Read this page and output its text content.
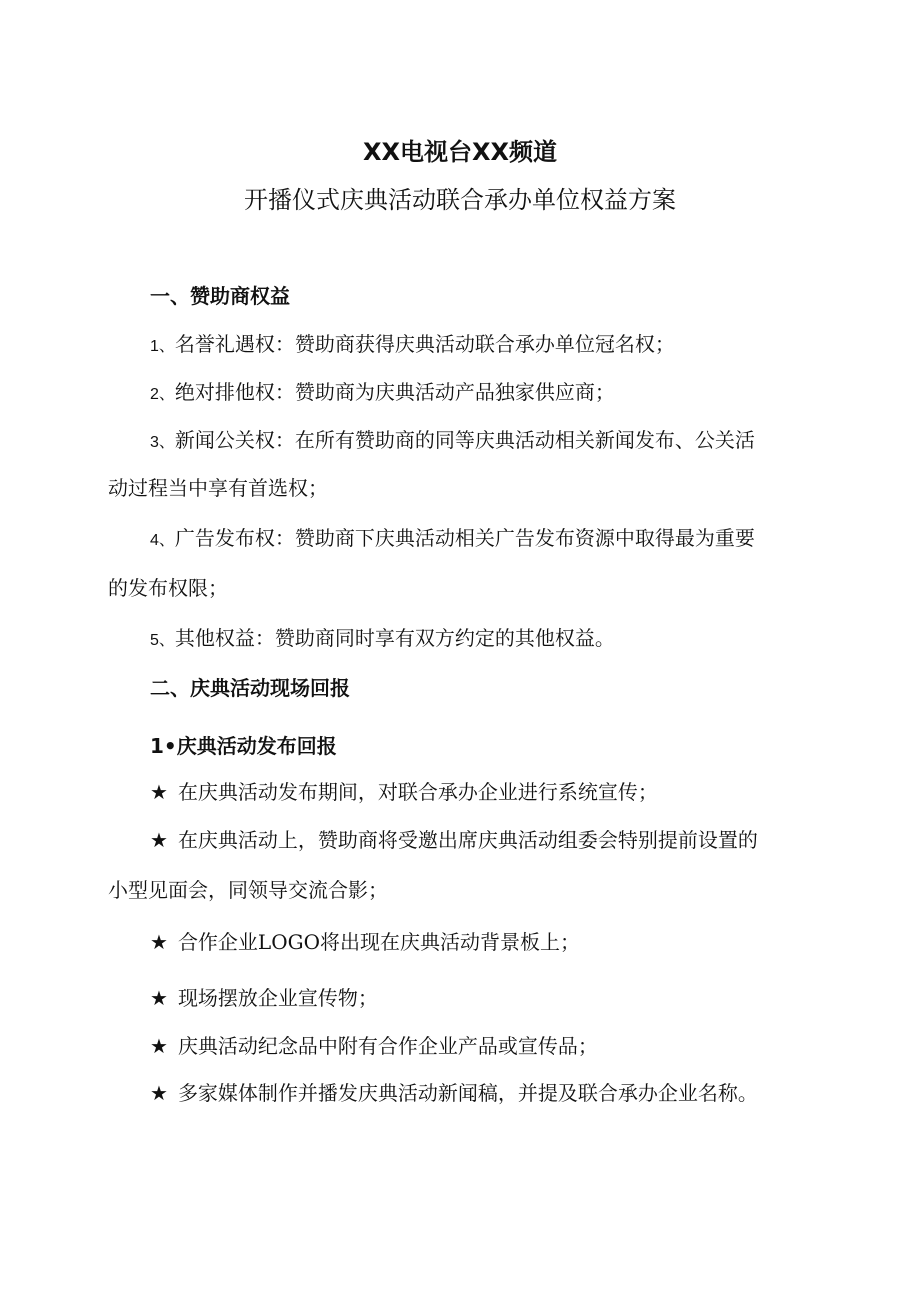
XX电视台XX频道
开播仪式庆典活动联合承办单位权益方案
一、赞助商权益
1、名誉礼遇权：赞助商获得庆典活动联合承办单位冠名权；
2、绝对排他权：赞助商为庆典活动产品独家供应商；
3、新闻公关权：在所有赞助商的同等庆典活动相关新闻发布、公关活
动过程当中享有首选权；
4、广告发布权：赞助商下庆典活动相关广告发布资源中取得最为重要
的发布权限；
5、其他权益：赞助商同时享有双方约定的其他权益。
二、庆典活动现场回报
1•庆典活动发布回报
★ 在庆典活动发布期间，对联合承办企业进行系统宣传；
★ 在庆典活动上，赞助商将受邀出席庆典活动组委会特别提前设置的
小型见面会，同领导交流合影；
★ 合作企业LOGO将出现在庆典活动背景板上；
★ 现场摆放企业宣传物；
★ 庆典活动纪念品中附有合作企业产品或宣传品；
★ 多家媒体制作并播发庆典活动新闻稿，并提及联合承办企业名称。
